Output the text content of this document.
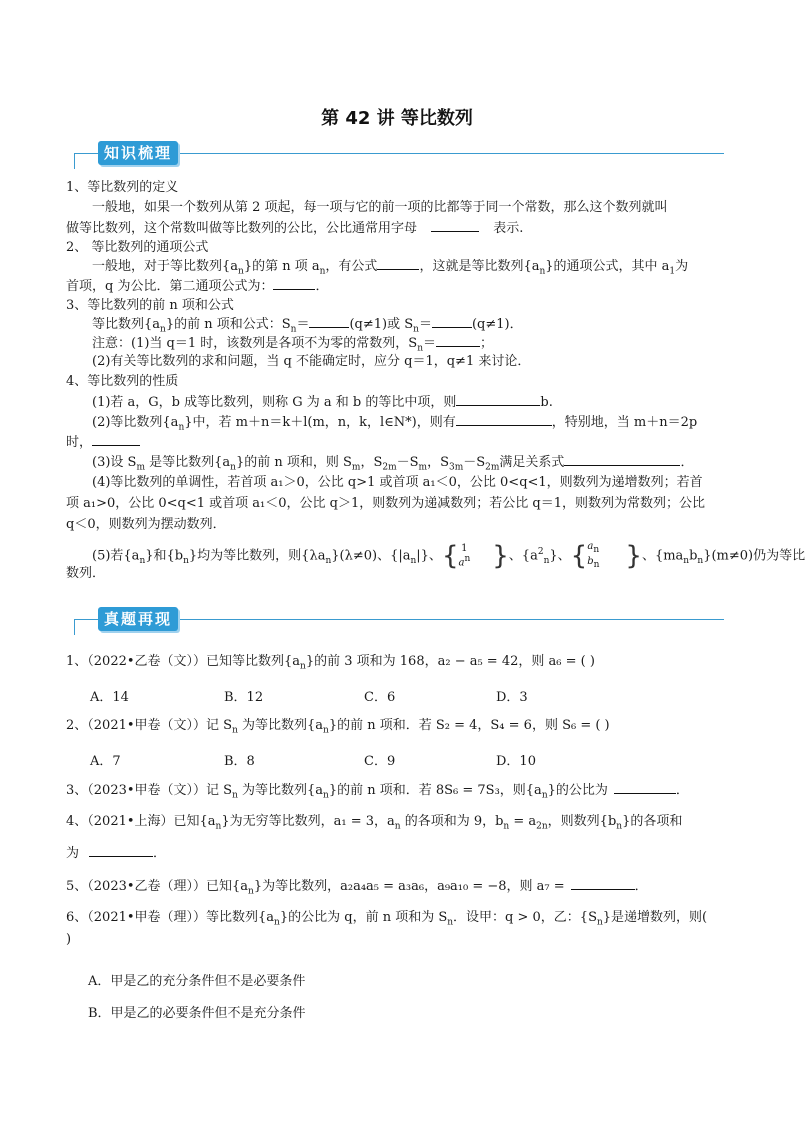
第 42 讲 等比数列
知识梳理
1、等比数列的定义
一般地，如果一个数列从第 2 项起，每一项与它的前一项的比都等于同一个常数，那么这个数列就叫
做等比数列，这个常数叫做等比数列的公比，公比通常用字母	表示.
2、 等比数列的通项公式
一般地，对于等比数列$\{a_n\}$的第 n 项 $a_n$，有公式	，这就是等比数列$\{a_n\}$的通项公式，其中 $a_1$为
首项，q 为公比．第二通项公式为：	．
3、等比数列的前 n 项和公式
等比数列$\{a_n\}$的前 n 项和公式：$S_n=$	(q≠1)或 $S_n=$	(q≠1)．
注意：(1)当 q＝1 时，该数列是各项不为零的常数列，$S_n=$	；
(2)有关等比数列的求和问题，当 q 不能确定时，应分 q＝1，q≠1 来讨论．
4、等比数列的性质
(1)若 a，G，b 成等比数列，则称 G 为 a 和 b 的等比中项，则	b.
(2)等比数列$\{a_n\}$中，若 m＋n＝k＋l(m，n，k，l∈N*)，则有	，特别地，当 m＋n＝2p
时，
(3)设 $S_m$ 是等比数列$\{a_n\}$的前 n 项和，则 $S_m$，$S_{2m}-S_m$，$S_{3m}-S_{2m}$满足关系式	．
(4)等比数列的单调性，若首项 a₁＞0，公比 q>1 或首项 a₁＜0，公比 0<q<1，则数列为递增数列；若首
项 a₁>0，公比 0<q<1 或首项 a₁＜0，公比 q＞1，则数列为递减数列；若公比 q＝1，则数列为常数列；公比
q＜0，则数列为摆动数列．
(5)若$\{a_n\}$和$\{b_n\}$均为等比数列，则$\{\lambda a_n\}(\lambda\ne 0)$、$\{|a_n|\}$、{ 1
$a^n$ }、$\{a^2_n\}$、{$a_n$
$b_n$ }、$\{ma_nb_n\}(m\ne 0)$仍为等比
数列．
真题再现
1、（2022•乙卷（文））已知等比数列$\{a_n\}$的前 3 项和为 168，a₂ − a₅ = 42，则 a₆ = ( )
A．14	B．12	C．6	D．3
2、（2021•甲卷（文））记 $S_n$ 为等比数列$\{a_n\}$的前 n 项和．若 S₂ = 4，S₄ = 6，则 S₆ = ( )
A．7	B．8	C．9	D．10
3、（2023•甲卷（文））记 $S_n$ 为等比数列$\{a_n\}$的前 n 项和．若 8S₆ = 7S₃，则$\{a_n\}$的公比为	．
4、（2021•上海）已知$\{a_n\}$为无穷等比数列，a₁ = 3，$a_n$ 的各项和为 9，$b_n = a_{2n}$，则数列$\{b_n\}$的各项和
为	．
5、（2023•乙卷（理））已知$\{a_n\}$为等比数列，a₂a₄a₅ = a₃a₆，a₉a₁₀ = −8，则 a₇ =	．
6、（2021•甲卷（理））等比数列$\{a_n\}$的公比为 q，前 n 项和为 $S_n$．设甲：q > 0，乙：$\{S_n\}$是递增数列，则(
)
A．甲是乙的充分条件但不是必要条件
B．甲是乙的必要条件但不是充分条件
